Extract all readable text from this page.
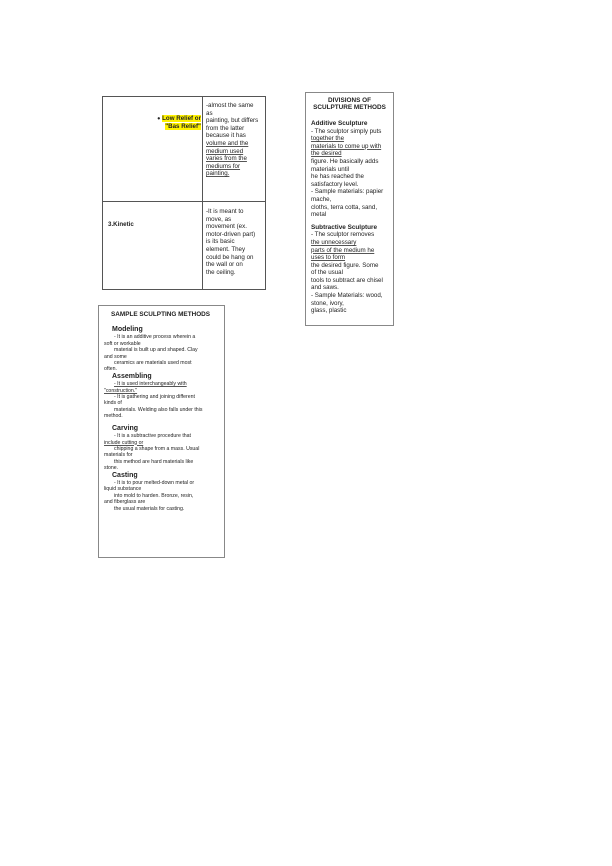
• Low Relief or
"Bas Relief"
-almost the same
as
painting, but differs
from the latter
because it has
volume and the
medium used
varies from the
mediums for
painting.
3.Kinetic
-It is meant to
move, as
movement (ex.
motor-driven part)
is its basic
element. They
could be hang on
the wall or on
the ceiling.
DIVISIONS OF
SCULPTURE METHODS
Additive Sculpture
- The sculptor simply puts
together the
materials to come up with
the desired
figure. He basically adds
materials until
he has reached the
satisfactory level.
- Sample materials: papier
mache,
cloths, terra cotta, sand,
metal
Subtractive Sculpture
- The sculptor removes
the unnecessary
parts of the medium he
uses to form
the desired figure. Some
of the usual
tools to subtract are chisel
and saws.
- Sample Materials: wood,
stone, ivory,
glass, plastic
SAMPLE SCULPTING METHODS
Modeling
- It is an additive process wherein a
soft or workable
material is built up and shaped. Clay
and some
ceramics are materials used most
often.
Assembling
- It is used interchangeably with
"construction."
- It is gathering and joining different
kinds of
materials. Welding also falls under this
method.
Carving
- It is a subtractive procedure that
include cutting or
chipping a shape from a mass. Usual
materials for
this method are hard materials like
stone.
Casting
- It is to pour melted-down metal or
liquid substance
into mold to harden. Bronze, resin,
and fiberglass are
the usual materials for casting.
